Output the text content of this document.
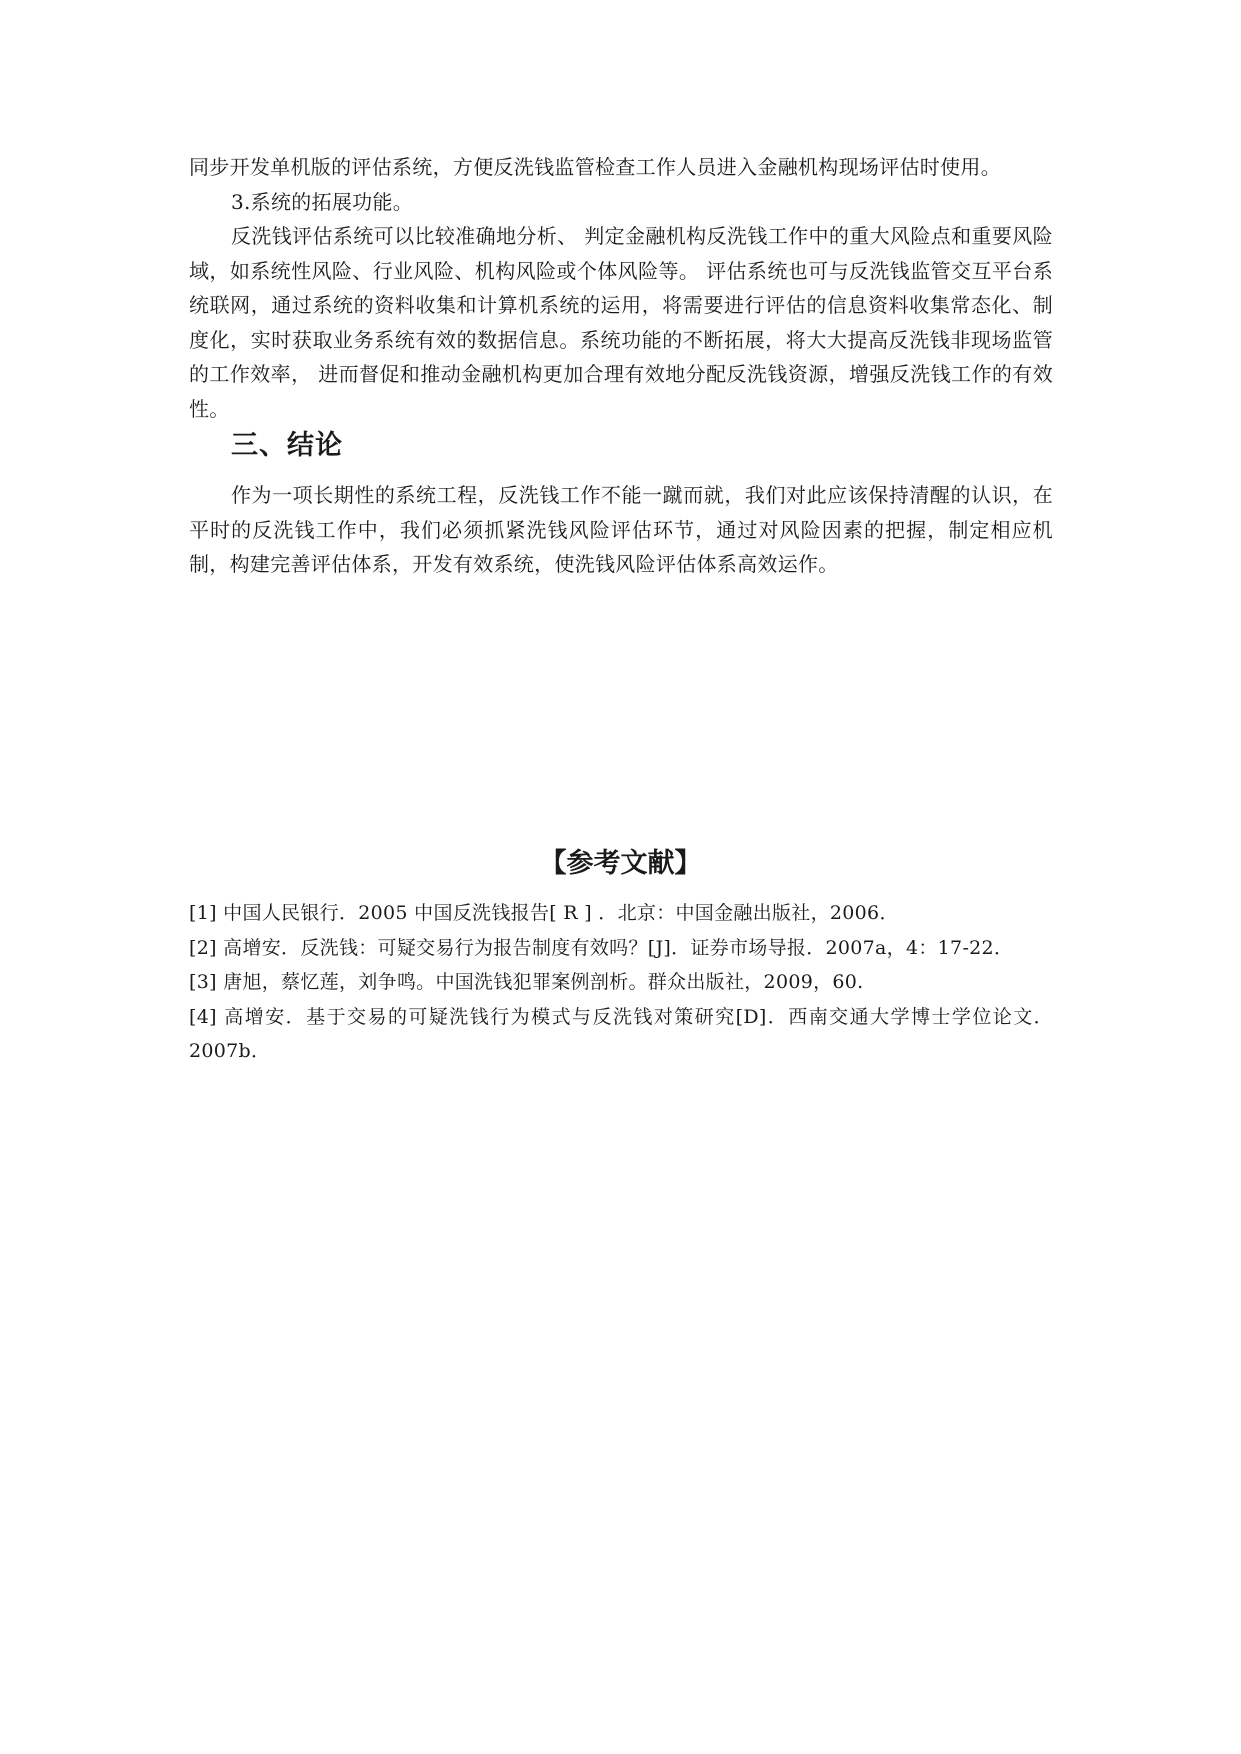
同步开发单机版的评估系统，方便反洗钱监管检查工作人员进入金融机构现场评估时使用。

3.系统的拓展功能。

反洗钱评估系统可以比较准确地分析、 判定金融机构反洗钱工作中的重大风险点和重要风险域，如系统性风险、行业风险、机构风险或个体风险等。 评估系统也可与反洗钱监管交互平台系统联网，通过系统的资料收集和计算机系统的运用，将需要进行评估的信息资料收集常态化、制度化，实时获取业务系统有效的数据信息。系统功能的不断拓展，将大大提高反洗钱非现场监管的工作效率， 进而督促和推动金融机构更加合理有效地分配反洗钱资源，增强反洗钱工作的有效性。

三、结论

作为一项长期性的系统工程，反洗钱工作不能一蹴而就，我们对此应该保持清醒的认识，在平时的反洗钱工作中，我们必须抓紧洗钱风险评估环节，通过对风险因素的把握，制定相应机制，构建完善评估体系，开发有效系统，使洗钱风险评估体系高效运作。

【参考文献】

[1] 中国人民银行．2005 中国反洗钱报告[ R ] ．北京：中国金融出版社，2006．

[2] 高增安．反洗钱：可疑交易行为报告制度有效吗？[J]．证券市场导报．2007a，4：17-22．

[3] 唐旭，蔡忆莲，刘争鸣。中国洗钱犯罪案例剖析。群众出版社，2009，60.

[4] 高增安．基于交易的可疑洗钱行为模式与反洗钱对策研究[D]．西南交通大学博士学位论文．2007b．
